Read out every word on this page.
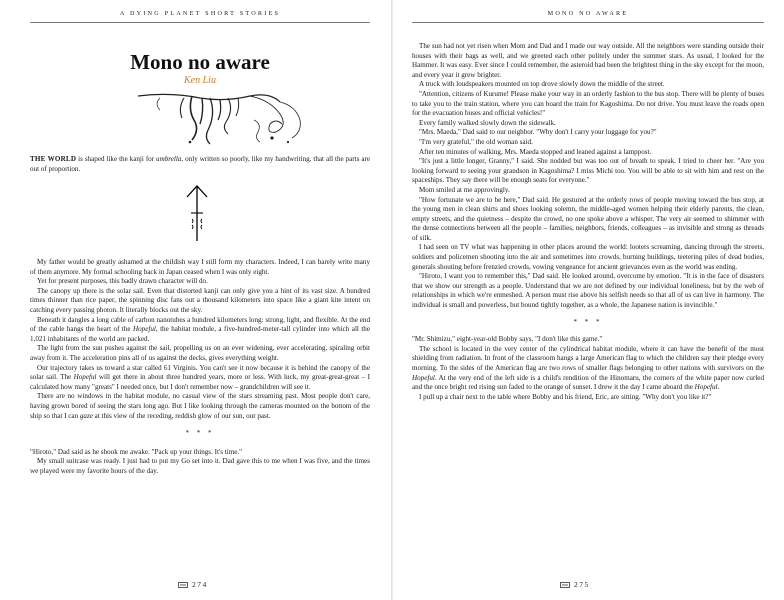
A DYING PLANET SHORT STORIES
Mono no aware
Ken Liu

THE WORLD is shaped like the kanji for umbrella, only written so poorly, like my handwriting, that all the parts are out of proportion.

My father would be greatly ashamed at the childish way I still form my characters. Indeed, I can barely write many of them anymore. My formal schooling back in Japan ceased when I was only eight.

Yet for present purposes, this badly drawn character will do.

The canopy up there is the solar sail. Even that distorted kanji can only give you a hint of its vast size. A hundred times thinner than rice paper, the spinning disc fans out a thousand kilometers into space like a giant kite intent on catching every passing photon. It literally blocks out the sky.

Beneath it dangles a long cable of carbon nanotubes a hundred kilometers long: strong, light, and flexible. At the end of the cable hangs the heart of the Hopeful, the habitat module, a five-hundred-meter-tall cylinder into which all the 1,021 inhabitants of the world are packed.

The light from the sun pushes against the sail, propelling us on an ever widening, ever accelerating, spiraling orbit away from it. The acceleration pins all of us against the decks, gives everything weight.

Our trajectory takes us toward a star called 61 Virginis. You can't see it now because it is behind the canopy of the solar sail. The Hopeful will get there in about three hundred years, more or less. With luck, my great-great-great – I calculated how many "greats" I needed once, but I don't remember now – grandchildren will see it.

There are no windows in the habitat module, no casual view of the stars streaming past. Most people don't care, having grown bored of seeing the stars long ago. But I like looking through the cameras mounted on the bottom of the ship so that I can gaze at this view of the receding, reddish glow of our sun, our past.

* * *

"Hiroto," Dad said as he shook me awake. "Pack up your things. It's time."

My small suitcase was ready. I just had to put my Go set into it. Dad gave this to me when I was five, and the times we played were my favorite hours of the day.

274
MONO NO AWARE

The sun had not yet risen when Mom and Dad and I made our way outside. All the neighbors were standing outside their houses with their bags as well, and we greeted each other politely under the summer stars. As usual, I looked for the Hammer. It was easy. Ever since I could remember, the asteroid had been the brightest thing in the sky except for the moon, and every year it grew brighter.

A truck with loudspeakers mounted on top drove slowly down the middle of the street.

"Attention, citizens of Kurume! Please make your way in an orderly fashion to the bus stop. There will be plenty of buses to take you to the train station, where you can board the train for Kagoshima. Do not drive. You must leave the roads open for the evacuation buses and official vehicles!"

Every family walked slowly down the sidewalk.

"Mrs. Maeda," Dad said to our neighbor. "Why don't I carry your luggage for you?"

"I'm very grateful," the old woman said.

After ten minutes of walking, Mrs. Maeda stopped and leaned against a lamppost.

"It's just a little longer, Granny," I said. She nodded but was too out of breath to speak. I tried to cheer her. "Are you looking forward to seeing your grandson in Kagoshima? I miss Michi too. You will be able to sit with him and rest on the spaceships. They say there will be enough seats for everyone."

Mom smiled at me approvingly.

"How fortunate we are to be here," Dad said. He gestured at the orderly rows of people moving toward the bus stop, at the young men in clean shirts and shoes looking solemn, the middle-aged women helping their elderly parents, the clean, empty streets, and the quietness – despite the crowd, no one spoke above a whisper. The very air seemed to shimmer with the dense connections between all the people – families, neighbors, friends, colleagues – as invisible and strong as threads of silk.

I had seen on TV what was happening in other places around the world: looters screaming, dancing through the streets, soldiers and policemen shooting into the air and sometimes into crowds, burning buildings, teetering piles of dead bodies, generals shouting before frenzied crowds, vowing vengeance for ancient grievances even as the world was ending.

"Hiroto, I want you to remember this," Dad said. He looked around, overcome by emotion. "It is in the face of disasters that we show our strength as a people. Understand that we are not defined by our individual loneliness, but by the web of relationships in which we're enmeshed. A person must rise above his selfish needs so that all of us can live in harmony. The individual is small and powerless, but bound tightly together, as a whole, the Japanese nation is invincible."

* * *

"Mr. Shimizu," eight-year-old Bobby says, "I don't like this game."

The school is located in the very center of the cylindrical habitat module, where it can have the benefit of the most shielding from radiation. In front of the classroom hangs a large American flag to which the children say their pledge every morning. To the sides of the American flag are two rows of smaller flags belonging to other nations with survivors on the Hopeful. At the very end of the left side is a child's rendition of the Hinomaru, the corners of the white paper now curled and the once bright red rising sun faded to the orange of sunset. I drew it the day I came aboard the Hopeful.

I pull up a chair next to the table where Bobby and his friend, Eric, are sitting. "Why don't you like it?"

275
